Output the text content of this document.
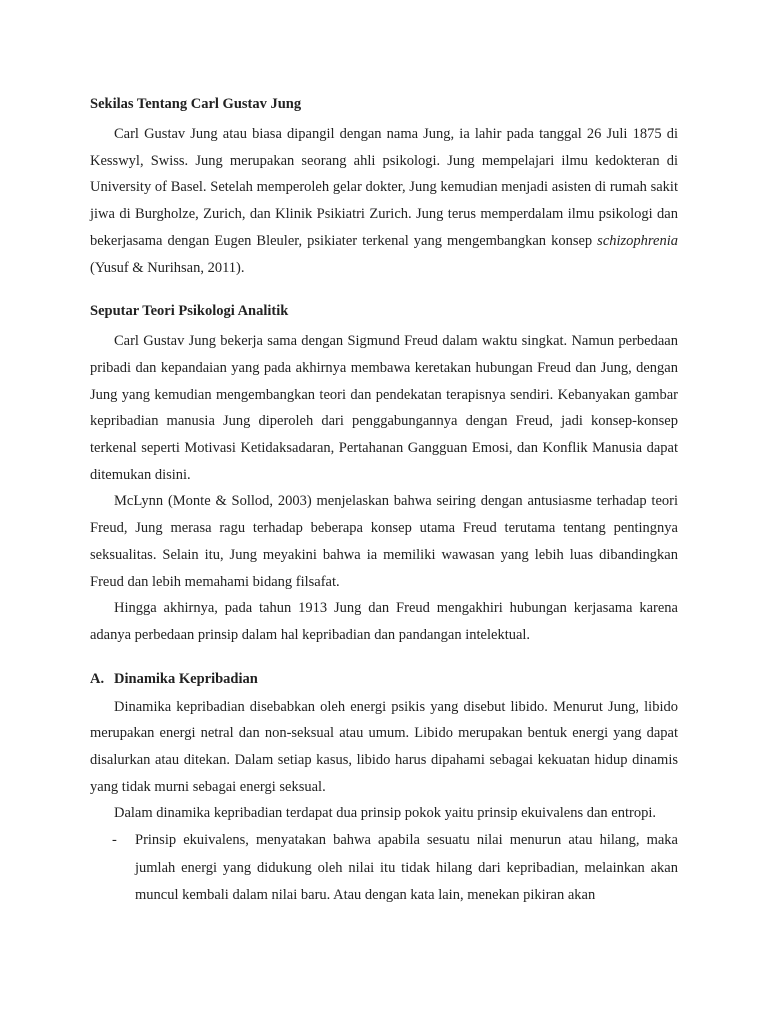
Sekilas Tentang Carl Gustav Jung

Carl Gustav Jung atau biasa dipangil dengan nama Jung, ia lahir pada tanggal 26 Juli 1875 di Kesswyl, Swiss. Jung merupakan seorang ahli psikologi. Jung mempelajari ilmu kedokteran di University of Basel. Setelah memperoleh gelar dokter, Jung kemudian menjadi asisten di rumah sakit jiwa di Burgholze, Zurich, dan Klinik Psikiatri Zurich. Jung terus memperdalam ilmu psikologi dan bekerjasama dengan Eugen Bleuler, psikiater terkenal yang mengembangkan konsep schizophrenia (Yusuf & Nurihsan, 2011).

Seputar Teori Psikologi Analitik

Carl Gustav Jung bekerja sama dengan Sigmund Freud dalam waktu singkat. Namun perbedaan pribadi dan kepandaian yang pada akhirnya membawa keretakan hubungan Freud dan Jung, dengan Jung yang kemudian mengembangkan teori dan pendekatan terapisnya sendiri. Kebanyakan gambar kepribadian manusia Jung diperoleh dari penggabungannya dengan Freud, jadi konsep-konsep terkenal seperti Motivasi Ketidaksadaran, Pertahanan Gangguan Emosi, dan Konflik Manusia dapat ditemukan disini.

McLynn (Monte & Sollod, 2003) menjelaskan bahwa seiring dengan antusiasme terhadap teori Freud, Jung merasa ragu terhadap beberapa konsep utama Freud terutama tentang pentingnya seksualitas. Selain itu, Jung meyakini bahwa ia memiliki wawasan yang lebih luas dibandingkan Freud dan lebih memahami bidang filsafat.

Hingga akhirnya, pada tahun 1913 Jung dan Freud mengakhiri hubungan kerjasama karena adanya perbedaan prinsip dalam hal kepribadian dan pandangan intelektual.

A. Dinamika Kepribadian

Dinamika kepribadian disebabkan oleh energi psikis yang disebut libido. Menurut Jung, libido merupakan energi netral dan non-seksual atau umum. Libido merupakan bentuk energi yang dapat disalurkan atau ditekan. Dalam setiap kasus, libido harus dipahami sebagai kekuatan hidup dinamis yang tidak murni sebagai energi seksual.

Dalam dinamika kepribadian terdapat dua prinsip pokok yaitu prinsip ekuivalens dan entropi.

- Prinsip ekuivalens, menyatakan bahwa apabila sesuatu nilai menurun atau hilang, maka jumlah energi yang didukung oleh nilai itu tidak hilang dari kepribadian, melainkan akan muncul kembali dalam nilai baru. Atau dengan kata lain, menekan pikiran akan
